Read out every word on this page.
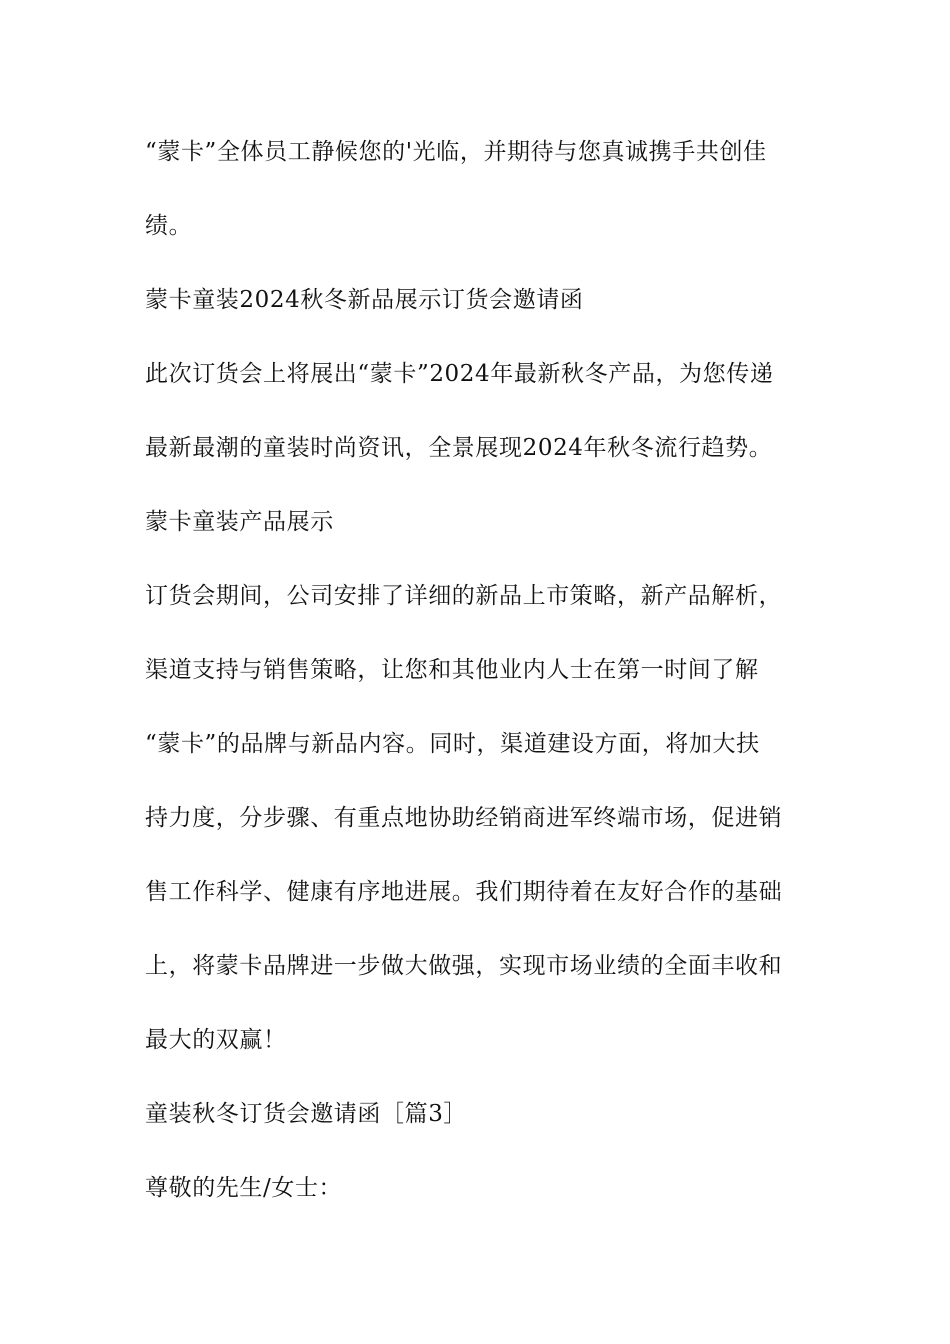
“蒙卡”全体员工静候您的'光临，并期待与您真诚携手共创佳
绩。
蒙卡童装2024秋冬新品展示订货会邀请函
此次订货会上将展出“蒙卡”2024年最新秋冬产品，为您传递
最新最潮的童装时尚资讯，全景展现2024年秋冬流行趋势。
蒙卡童装产品展示
订货会期间，公司安排了详细的新品上市策略，新产品解析，
渠道支持与销售策略，让您和其他业内人士在第一时间了解
“蒙卡”的品牌与新品内容。同时，渠道建设方面，将加大扶
持力度，分步骤、有重点地协助经销商进军终端市场，促进销
售工作科学、健康有序地进展。我们期待着在友好合作的基础
上，将蒙卡品牌进一步做大做强，实现市场业绩的全面丰收和
最大的双赢！
童装秋冬订货会邀请函［篇3］
尊敬的先生/女士：
